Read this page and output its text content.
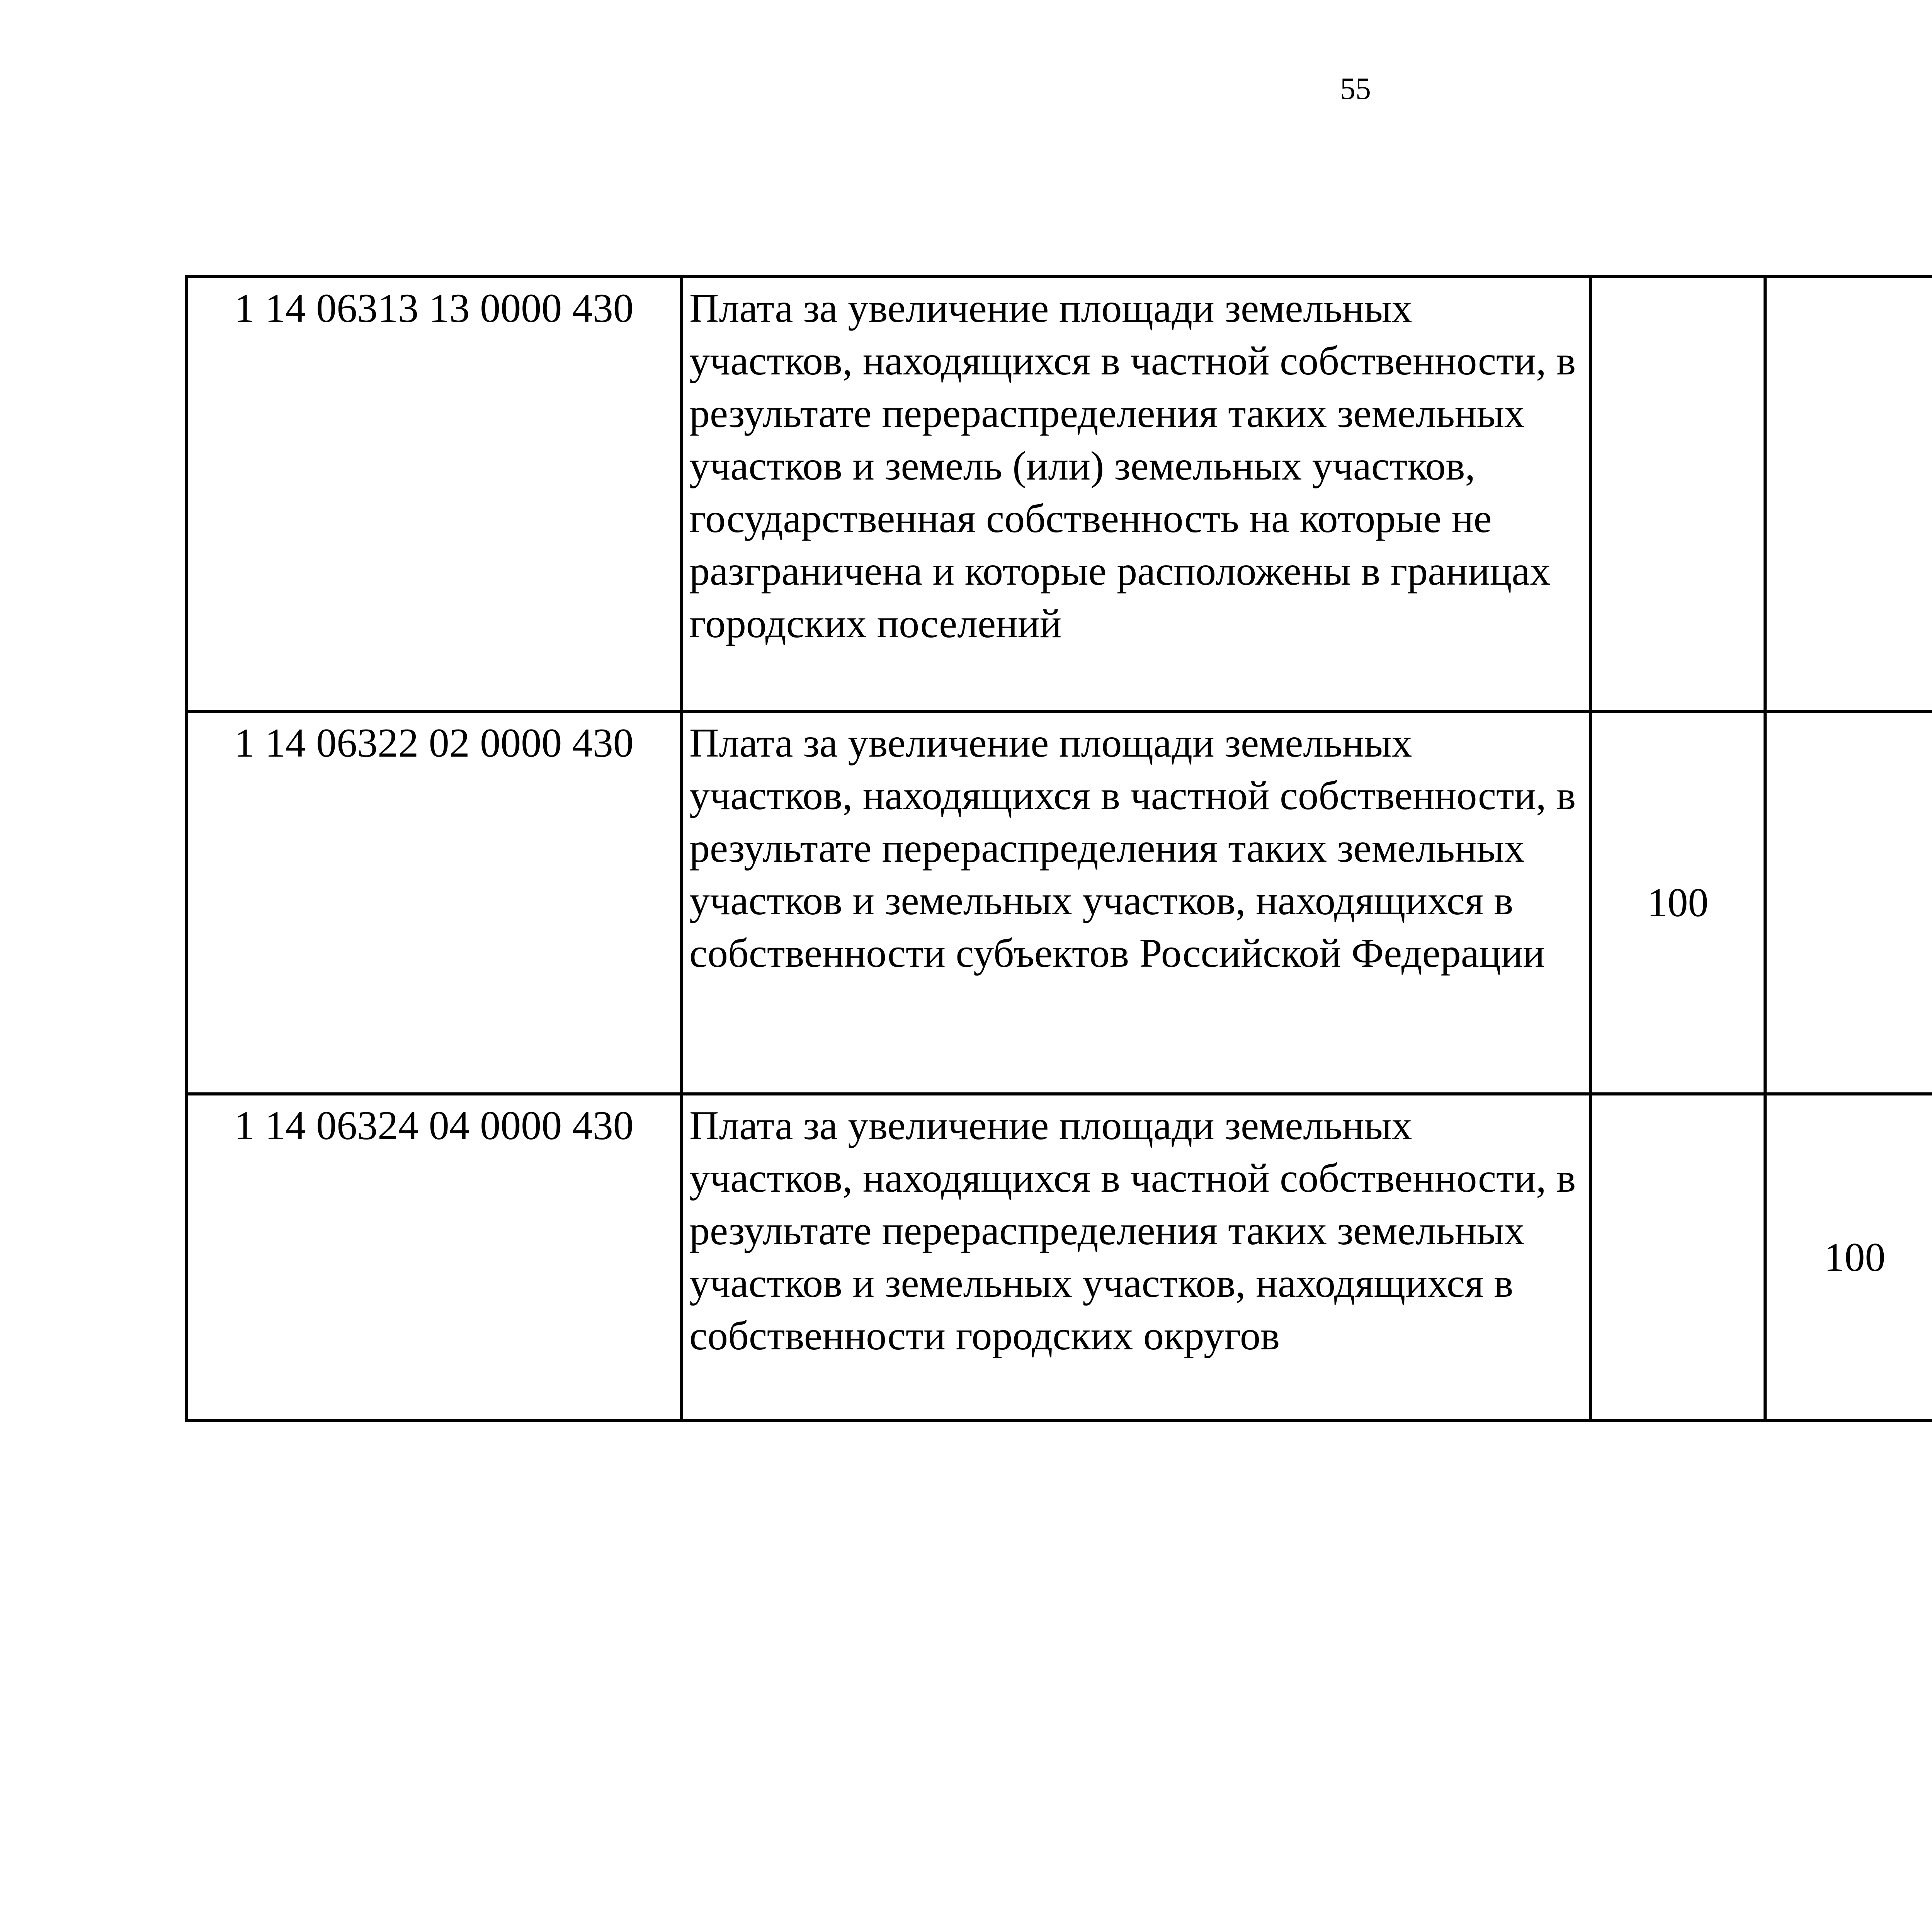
55
1 14 06313 13 0000 430	Плата за увеличение площади земельных участков, находящихся в частной собственности, в результате перераспределения таких земельных участков и земель (или) земельных участков, государственная собственность на которые не разграничена и которые расположены в границах городских поселений					
1 14 06322 02 0000 430	Плата за увеличение площади земельных участков, находящихся в частной собственности, в результате перераспределения таких земельных участков и земельных участков, находящихся в собственности субъектов Российской Федерации	100				
1 14 06324 04 0000 430	Плата за увеличение площади земельных участков, находящихся в частной собственности, в результате перераспределения таких земельных участков и земельных участков, находящихся в собственности городских округов		100			
